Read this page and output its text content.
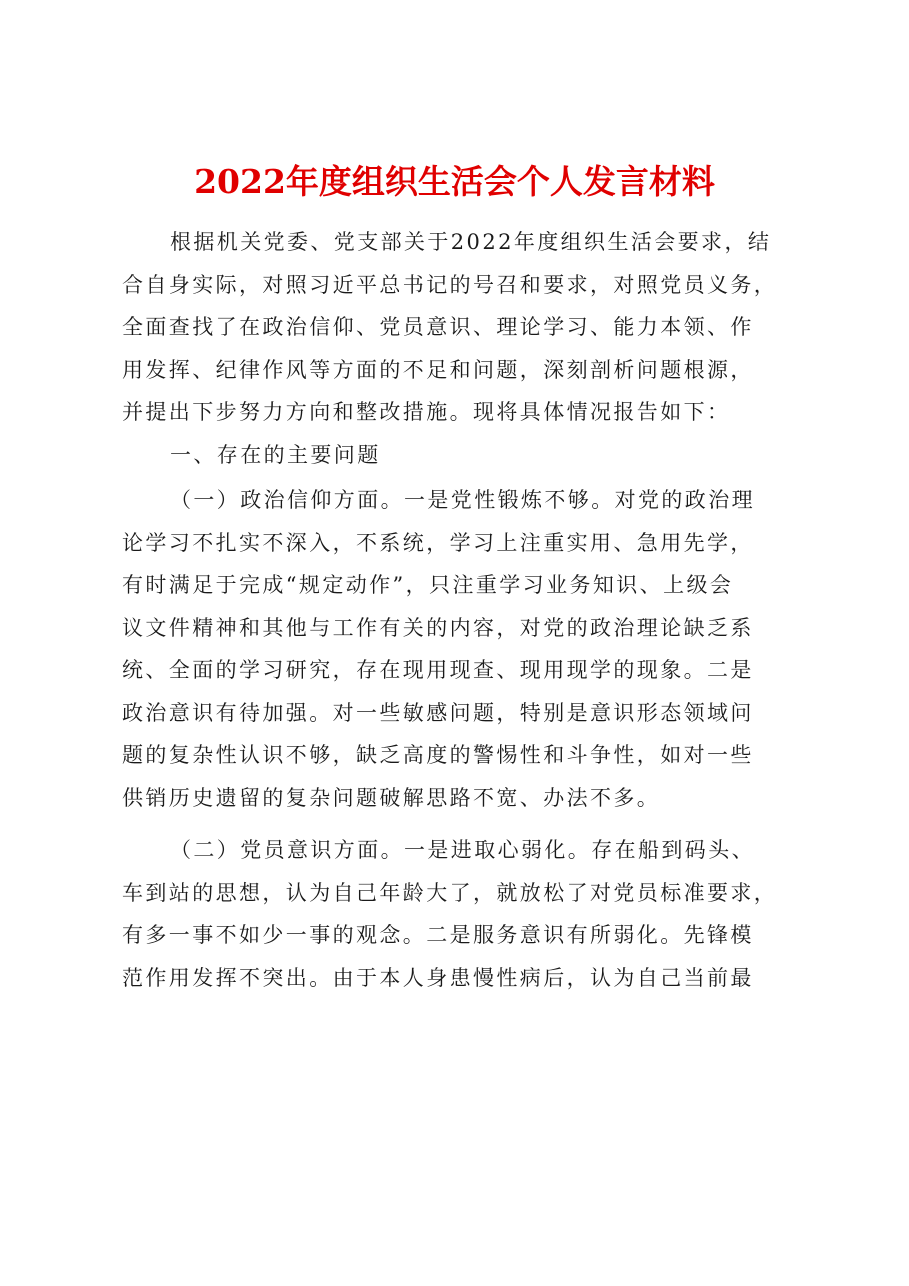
2022年度组织生活会个人发言材料
根据机关党委、党支部关于2022年度组织生活会要求，结
合自身实际，对照习近平总书记的号召和要求，对照党员义务，
全面查找了在政治信仰、党员意识、理论学习、能力本领、作
用发挥、纪律作风等方面的不足和问题，深刻剖析问题根源，
并提出下步努力方向和整改措施。现将具体情况报告如下：
一、存在的主要问题
（一）政治信仰方面。一是党性锻炼不够。对党的政治理
论学习不扎实不深入，不系统，学习上注重实用、急用先学，
有时满足于完成“规定动作”，只注重学习业务知识、上级会
议文件精神和其他与工作有关的内容，对党的政治理论缺乏系
统、全面的学习研究，存在现用现查、现用现学的现象。二是
政治意识有待加强。对一些敏感问题，特别是意识形态领域问
题的复杂性认识不够，缺乏高度的警惕性和斗争性，如对一些
供销历史遗留的复杂问题破解思路不宽、办法不多。
（二）党员意识方面。一是进取心弱化。存在船到码头、
车到站的思想，认为自己年龄大了，就放松了对党员标准要求，
有多一事不如少一事的观念。二是服务意识有所弱化。先锋模
范作用发挥不突出。由于本人身患慢性病后，认为自己当前最
